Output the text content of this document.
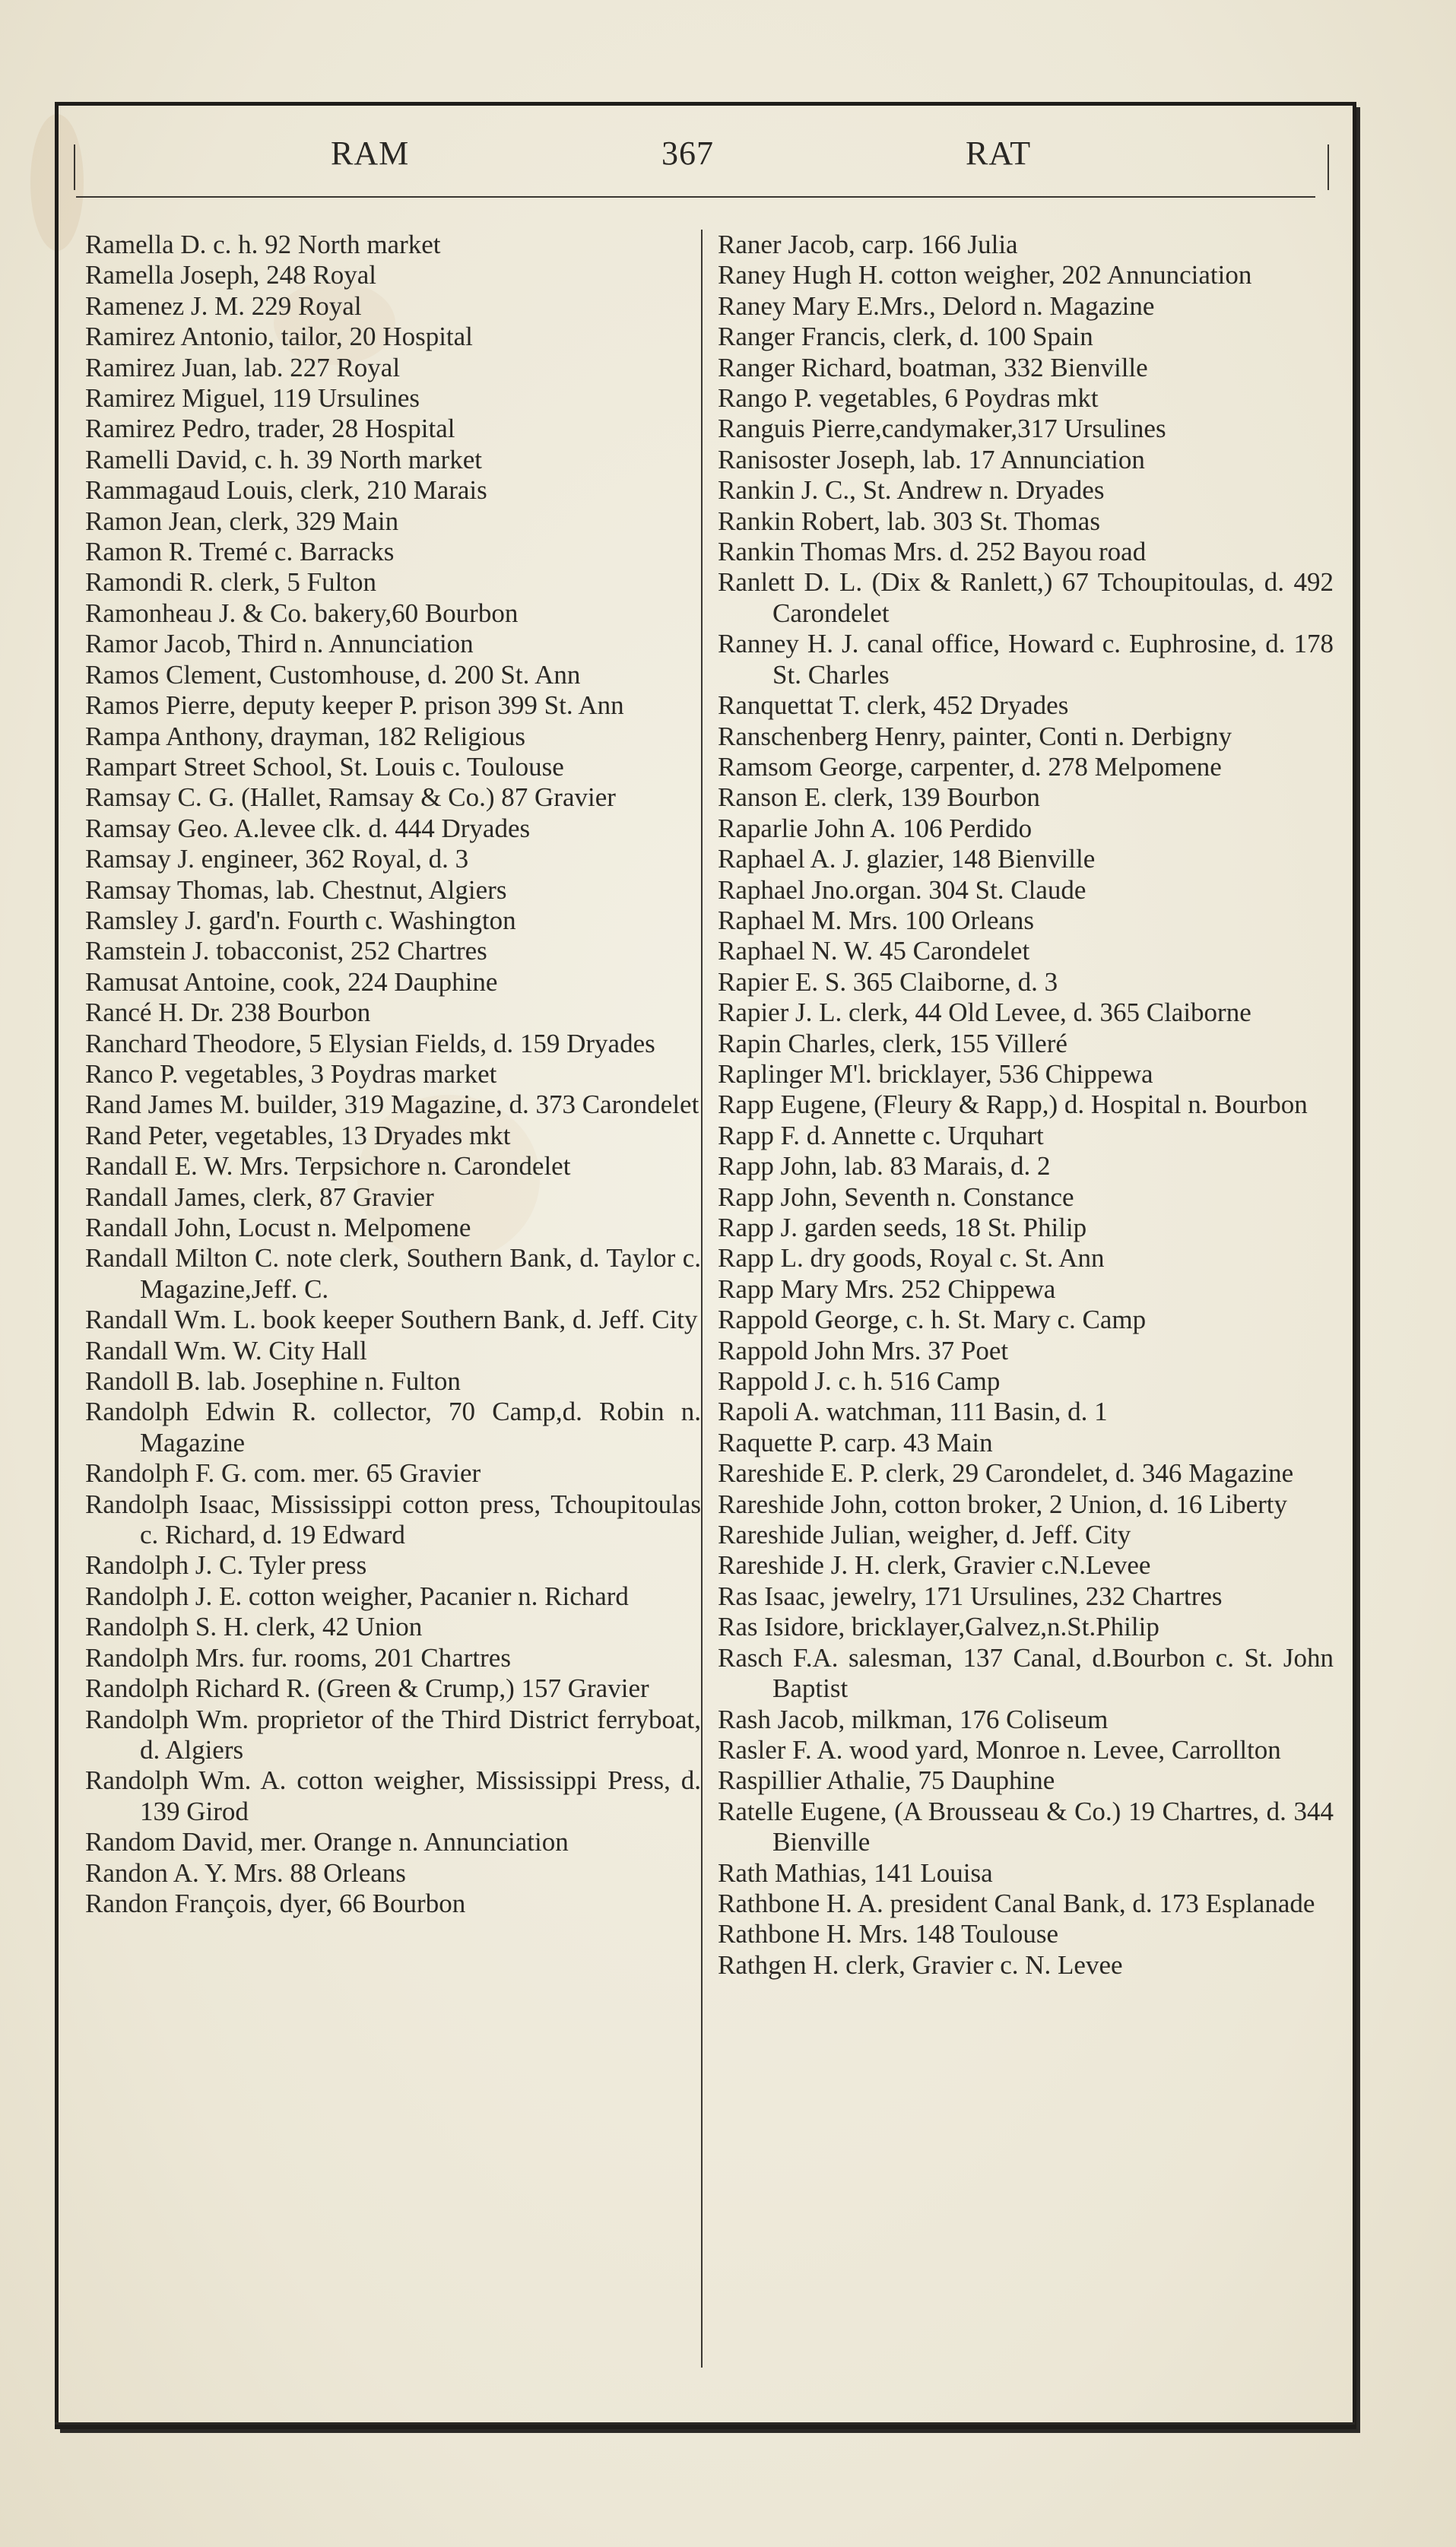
RAM	367	RAT

Ramella D. c. h. 92 North market

Ramella Joseph, 248 Royal

Ramenez J. M. 229 Royal

Ramirez Antonio, tailor, 20 Hospital

Ramirez Juan, lab. 227 Royal

Ramirez Miguel, 119 Ursulines

Ramirez Pedro, trader, 28 Hospital

Ramelli David, c. h. 39 North market

Rammagaud Louis, clerk, 210 Marais

Ramon Jean, clerk, 329 Main

Ramon R. Tremé c. Barracks

Ramondi R. clerk, 5 Fulton

Ramonheau J. & Co. bakery,60 Bourbon

Ramor Jacob, Third n. Annunciation

Ramos Clement, Customhouse, d. 200 St. Ann

Ramos Pierre, deputy keeper P. prison 399 St. Ann

Rampa Anthony, drayman, 182 Religious

Rampart Street School, St. Louis c. Toulouse

Ramsay C. G. (Hallet, Ramsay & Co.) 87 Gravier

Ramsay Geo. A.levee clk. d. 444 Dryades

Ramsay J. engineer, 362 Royal, d. 3

Ramsay Thomas, lab. Chestnut, Algiers

Ramsley J. gard'n. Fourth c. Washington

Ramstein J. tobacconist, 252 Chartres

Ramusat Antoine, cook, 224 Dauphine

Rancé H. Dr. 238 Bourbon

Ranchard Theodore, 5 Elysian Fields, d. 159 Dryades

Ranco P. vegetables, 3 Poydras market

Rand James M. builder, 319 Magazine, d. 373 Carondelet

Rand Peter, vegetables, 13 Dryades mkt

Randall E. W. Mrs. Terpsichore n. Carondelet

Randall James, clerk, 87 Gravier

Randall John, Locust n. Melpomene

Randall Milton C. note clerk, Southern Bank, d. Taylor c. Magazine,Jeff. C.

Randall Wm. L. book keeper Southern Bank, d. Jeff. City

Randall Wm. W. City Hall

Randoll B. lab. Josephine n. Fulton

Randolph Edwin R. collector, 70 Camp,d. Robin n. Magazine

Randolph F. G. com. mer. 65 Gravier

Randolph Isaac, Mississippi cotton press, Tchoupitoulas c. Richard, d. 19 Edward

Randolph J. C. Tyler press

Randolph J. E. cotton weigher, Pacanier n. Richard

Randolph S. H. clerk, 42 Union

Randolph Mrs. fur. rooms, 201 Chartres

Randolph Richard R. (Green & Crump,) 157 Gravier

Randolph Wm. proprietor of the Third District ferryboat, d. Algiers

Randolph Wm. A. cotton weigher, Mississippi Press, d. 139 Girod

Random David, mer. Orange n. Annunciation

Randon A. Y. Mrs. 88 Orleans

Randon François, dyer, 66 Bourbon

Raner Jacob, carp. 166 Julia

Raney Hugh H. cotton weigher, 202 Annunciation

Raney Mary E.Mrs., Delord n. Magazine

Ranger Francis, clerk, d. 100 Spain

Ranger Richard, boatman, 332 Bienville

Rango P. vegetables, 6 Poydras mkt

Ranguis Pierre,candymaker,317 Ursulines

Ranisoster Joseph, lab. 17 Annunciation

Rankin J. C., St. Andrew n. Dryades

Rankin Robert, lab. 303 St. Thomas

Rankin Thomas Mrs. d. 252 Bayou road

Ranlett D. L. (Dix & Ranlett,) 67 Tchoupitoulas, d. 492 Carondelet

Ranney H. J. canal office, Howard c. Euphrosine, d. 178 St. Charles

Ranquettat T. clerk, 452 Dryades

Ranschenberg Henry, painter, Conti n. Derbigny

Ramsom George, carpenter, d. 278 Melpomene

Ranson E. clerk, 139 Bourbon

Raparlie John A. 106 Perdido

Raphael A. J. glazier, 148 Bienville

Raphael Jno.organ. 304 St. Claude

Raphael M. Mrs. 100 Orleans

Raphael N. W. 45 Carondelet

Rapier E. S. 365 Claiborne, d. 3

Rapier J. L. clerk, 44 Old Levee, d. 365 Claiborne

Rapin Charles, clerk, 155 Villeré

Raplinger M'l. bricklayer, 536 Chippewa

Rapp Eugene, (Fleury & Rapp,) d. Hospital n. Bourbon

Rapp F. d. Annette c. Urquhart

Rapp John, lab. 83 Marais, d. 2

Rapp John, Seventh n. Constance

Rapp J. garden seeds, 18 St. Philip

Rapp L. dry goods, Royal c. St. Ann

Rapp Mary Mrs. 252 Chippewa

Rappold George, c. h. St. Mary c. Camp

Rappold John Mrs. 37 Poet

Rappold J. c. h. 516 Camp

Rapoli A. watchman, 111 Basin, d. 1

Raquette P. carp. 43 Main

Rareshide E. P. clerk, 29 Carondelet, d. 346 Magazine

Rareshide John, cotton broker, 2 Union, d. 16 Liberty

Rareshide Julian, weigher, d. Jeff. City

Rareshide J. H. clerk, Gravier c.N.Levee

Ras Isaac, jewelry, 171 Ursulines, 232 Chartres

Ras Isidore, bricklayer,Galvez,n.St.Philip

Rasch F.A. salesman, 137 Canal, d.Bourbon c. St. John Baptist

Rash Jacob, milkman, 176 Coliseum

Rasler F. A. wood yard, Monroe n. Levee, Carrollton

Raspillier Athalie, 75 Dauphine

Ratelle Eugene, (A Brousseau & Co.) 19 Chartres, d. 344 Bienville

Rath Mathias, 141 Louisa

Rathbone H. A. president Canal Bank, d. 173 Esplanade

Rathbone H. Mrs. 148 Toulouse

Rathgen H. clerk, Gravier c. N. Levee
